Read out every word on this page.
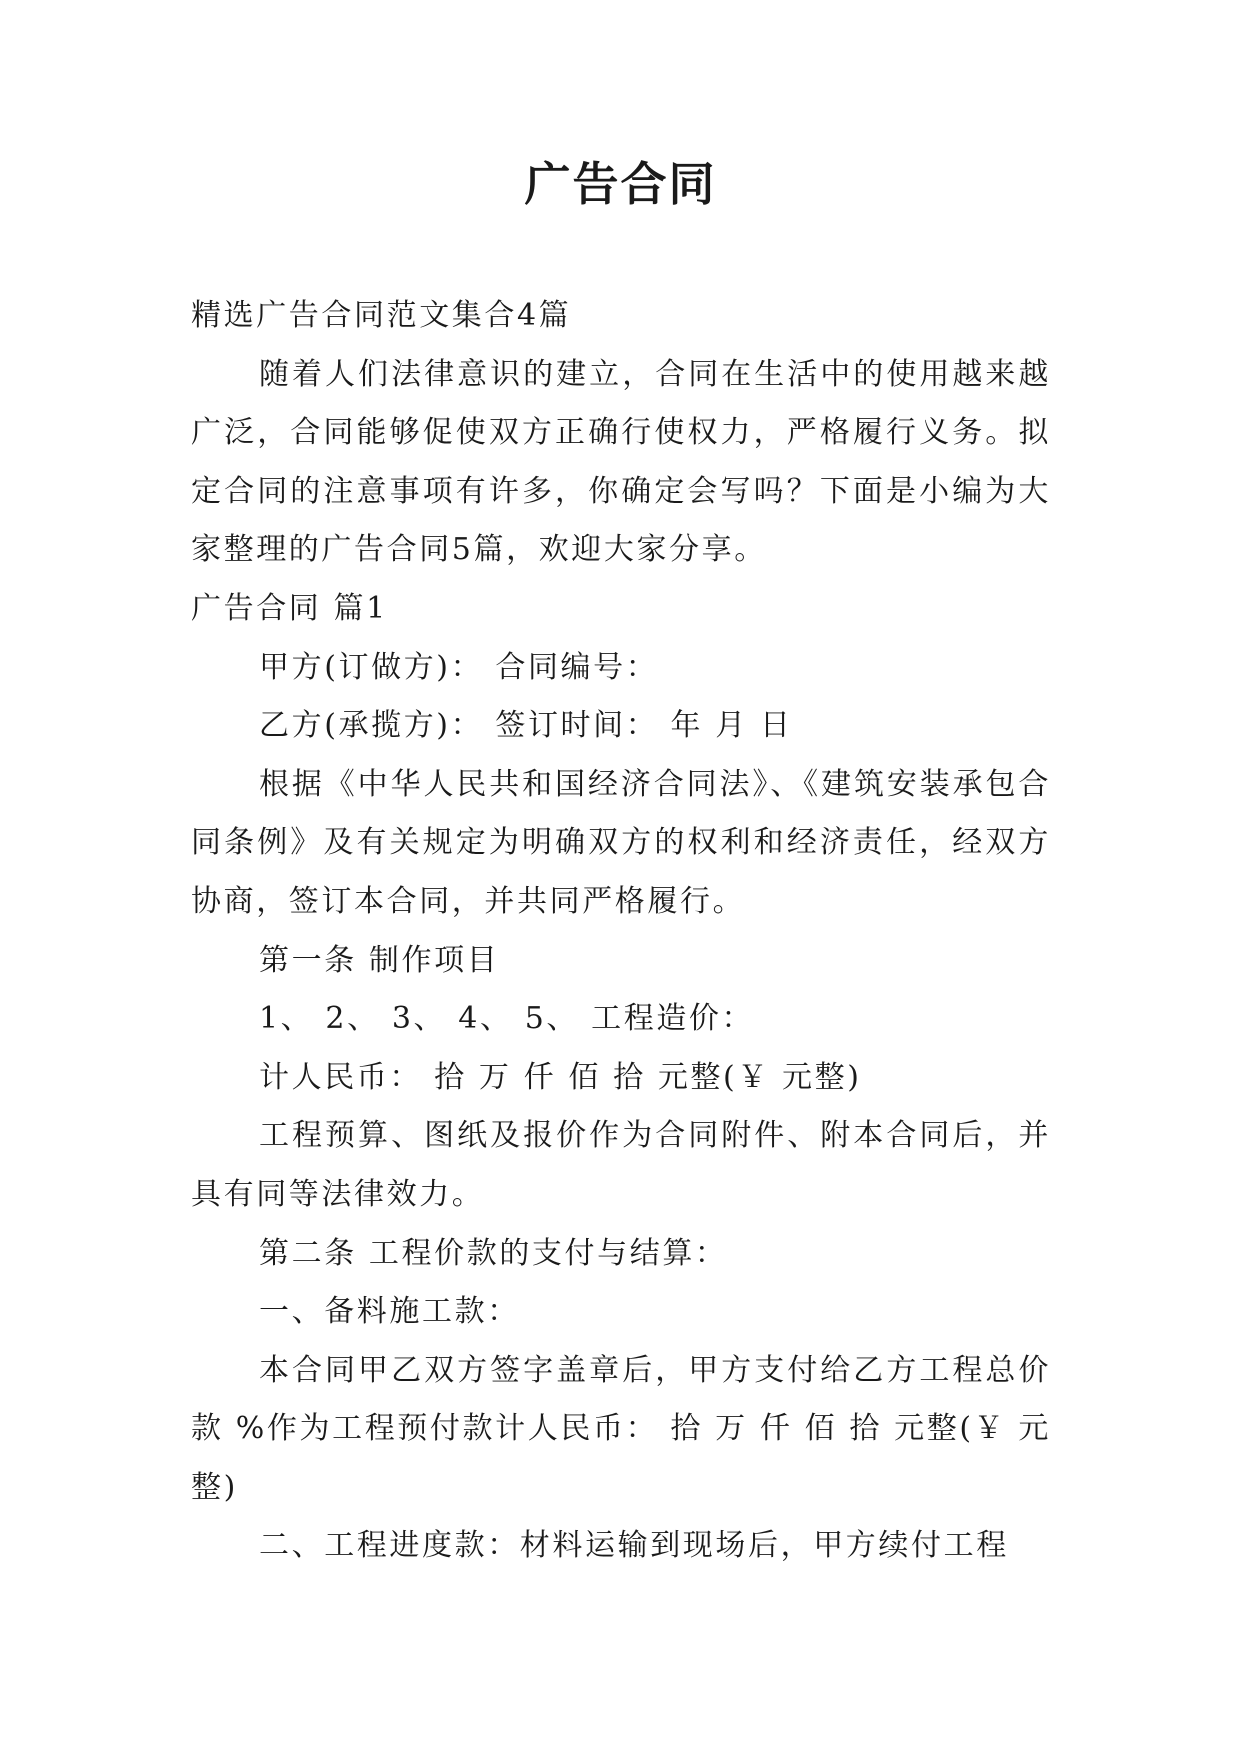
广告合同

精选广告合同范文集合4篇

随着人们法律意识的建立，合同在生活中的使用越来越广泛，合同能够促使双方正确行使权力，严格履行义务。拟定合同的注意事项有许多，你确定会写吗？下面是小编为大家整理的广告合同5篇，欢迎大家分享。

广告合同 篇1

甲方(订做方)： 合同编号：

乙方(承揽方)： 签订时间： 年 月 日

根据《中华人民共和国经济合同法》、《建筑安装承包合同条例》及有关规定为明确双方的权利和经济责任，经双方协商，签订本合同，并共同严格履行。

第一条 制作项目

1、 2、 3、 4、 5、 工程造价：

计人民币： 拾 万 仟 佰 拾 元整(￥ 元整)

工程预算、图纸及报价作为合同附件、附本合同后，并具有同等法律效力。

第二条 工程价款的支付与结算：

一、备料施工款：

本合同甲乙双方签字盖章后，甲方支付给乙方工程总价款 %作为工程预付款计人民币： 拾 万 仟 佰 拾 元整(￥ 元整)

二、工程进度款：材料运输到现场后，甲方续付工程
